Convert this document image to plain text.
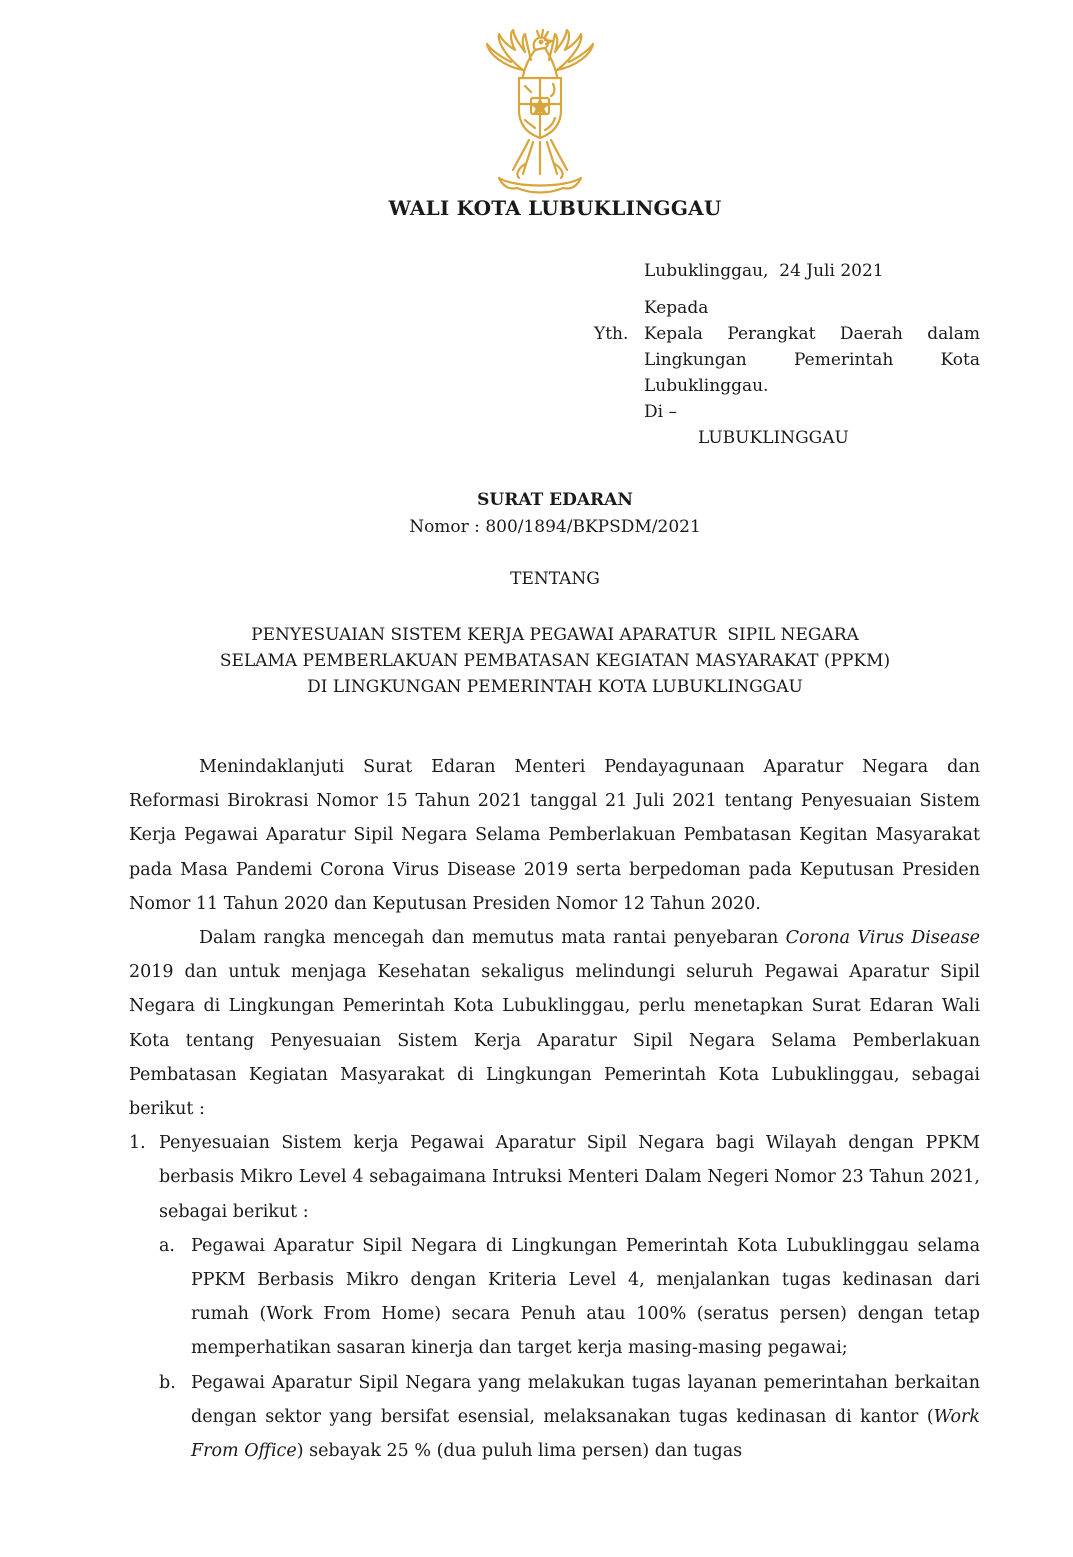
WALI KOTA LUBUKLINGGAU
Lubuklinggau,  24 Juli 2021
Kepada
Yth. Kepala Perangkat Daerah dalam
Lingkungan Pemerintah Kota
Lubuklinggau.
Di –
LUBUKLINGGAU
SURAT EDARAN
Nomor : 800/1894/BKPSDM/2021
TENTANG
PENYESUAIAN SISTEM KERJA PEGAWAI APARATUR  SIPIL NEGARA
SELAMA PEMBERLAKUAN PEMBATASAN KEGIATAN MASYARAKAT (PPKM)
DI LINGKUNGAN PEMERINTAH KOTA LUBUKLINGGAU

Menindaklanjuti Surat Edaran Menteri Pendayagunaan Aparatur Negara dan Reformasi Birokrasi Nomor 15 Tahun 2021 tanggal 21 Juli 2021 tentang Penyesuaian Sistem Kerja Pegawai Aparatur Sipil Negara Selama Pemberlakuan Pembatasan Kegitan Masyarakat pada Masa Pandemi Corona Virus Disease 2019 serta berpedoman pada Keputusan Presiden Nomor 11 Tahun 2020 dan Keputusan Presiden Nomor 12 Tahun 2020.

Dalam rangka mencegah dan memutus mata rantai penyebaran Corona Virus Disease 2019 dan untuk menjaga Kesehatan sekaligus melindungi seluruh Pegawai Aparatur Sipil Negara di Lingkungan Pemerintah Kota Lubuklinggau, perlu menetapkan Surat Edaran Wali Kota tentang Penyesuaian Sistem Kerja Aparatur Sipil Negara Selama Pemberlakuan Pembatasan Kegiatan Masyarakat di Lingkungan Pemerintah Kota Lubuklinggau, sebagai berikut :

1. Penyesuaian Sistem kerja Pegawai Aparatur Sipil Negara bagi Wilayah dengan PPKM berbasis Mikro Level 4 sebagaimana Intruksi Menteri Dalam Negeri Nomor 23 Tahun 2021, sebagai berikut :
a. Pegawai Aparatur Sipil Negara di Lingkungan Pemerintah Kota Lubuklinggau selama PPKM Berbasis Mikro dengan Kriteria Level 4, menjalankan tugas kedinasan dari rumah (Work From Home) secara Penuh atau 100% (seratus persen) dengan tetap memperhatikan sasaran kinerja dan target kerja masing-masing pegawai;
b. Pegawai Aparatur Sipil Negara yang melakukan tugas layanan pemerintahan berkaitan dengan sektor yang bersifat esensial, melaksanakan tugas kedinasan di kantor (Work From Office) sebayak 25 % (dua puluh lima persen) dan tugas
